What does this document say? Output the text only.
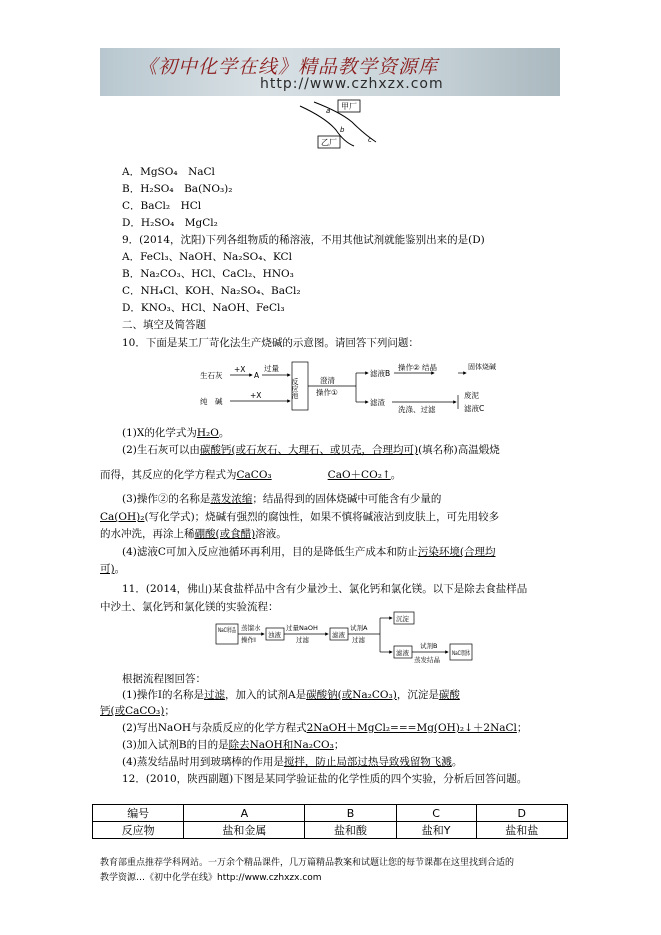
《初中化学在线》精品教学资源库
http://www.czhxzx.com
甲厂
乙厂
a
b
c
A．MgSO₄　NaCl
B．H₂SO₄　Ba(NO₃)₂
C．BaCl₂　HCl
D．H₂SO₄　MgCl₂
9．(2014，沈阳)下列各组物质的稀溶液，不用其他试剂就能鉴别出来的是(D)
A．FeCl₃、NaOH、Na₂SO₄、KCl
B．Na₂CO₃、HCl、CaCl₂、HNO₃
C．NH₄Cl、KOH、Na₂SO₄、BaCl₂
D．KNO₃、HCl、NaOH、FeCl₃
二、填空及简答题
10．下面是某工厂苛化法生产烧碱的示意图。请回答下列问题：
生石灰
+X
A
过量
纯　碱
+X	反应池	澄清
操作①
滤液B
操作② 结晶	固体烧碱
滤渣
洗涤、过滤
废泥
滤液C
(1)X的化学式为H₂O。
(2)生石灰可以由碳酸钙(或石灰石、大理石、或贝壳，合理均可)(填名称)高温煅烧
而得，其反应的化学方程式为CaCO₃	CaO＋CO₂↑。
(3)操作②的名称是蒸发浓缩；结晶得到的固体烧碱中可能含有少量的
Ca(OH)₂(写化学式)；烧碱有强烈的腐蚀性，如果不慎将碱液沾到皮肤上，可先用较多
的水冲洗，再涂上稀硼酸(或食醋)溶液。
(4)滤液C可加入反应池循环再利用，目的是降低生产成本和防止污染环境(合理均
可)。
11．(2014，佛山)某食盐样品中含有少量沙土、氯化钙和氯化镁。以下是除去食盐样品
中沙土、氯化钙和氯化镁的实验流程：
NaCl样品
蒸馏水
操作Ⅰ
浊液
过量NaOH
过滤
滤液
试剂A
过滤
沉淀
滤液
试剂B
蒸发结晶
NaCl固体
根据流程图回答：
(1)操作Ⅰ的名称是过滤，加入的试剂A是碳酸钠(或Na₂CO₃)，沉淀是碳酸
钙(或CaCO₃)；
(2)写出NaOH与杂质反应的化学方程式2NaOH＋MgCl₂===Mg(OH)₂↓＋2NaCl；
(3)加入试剂B的目的是除去NaOH和Na₂CO₃；
(4)蒸发结晶时用到玻璃棒的作用是搅拌，防止局部过热导致残留物飞溅。
12．(2010，陕西副题)下图是某同学验证盐的化学性质的四个实验，分析后回答问题。
编号	A	B	C	D
反应物	盐和金属	盐和酸	盐和Y	盐和盐
教育部重点推荐学科网站。一万余个精品课件，几万篇精品教案和试题让您的每节课都在这里找到合适的
教学资源…《初中化学在线》http://www.czhxzx.com
